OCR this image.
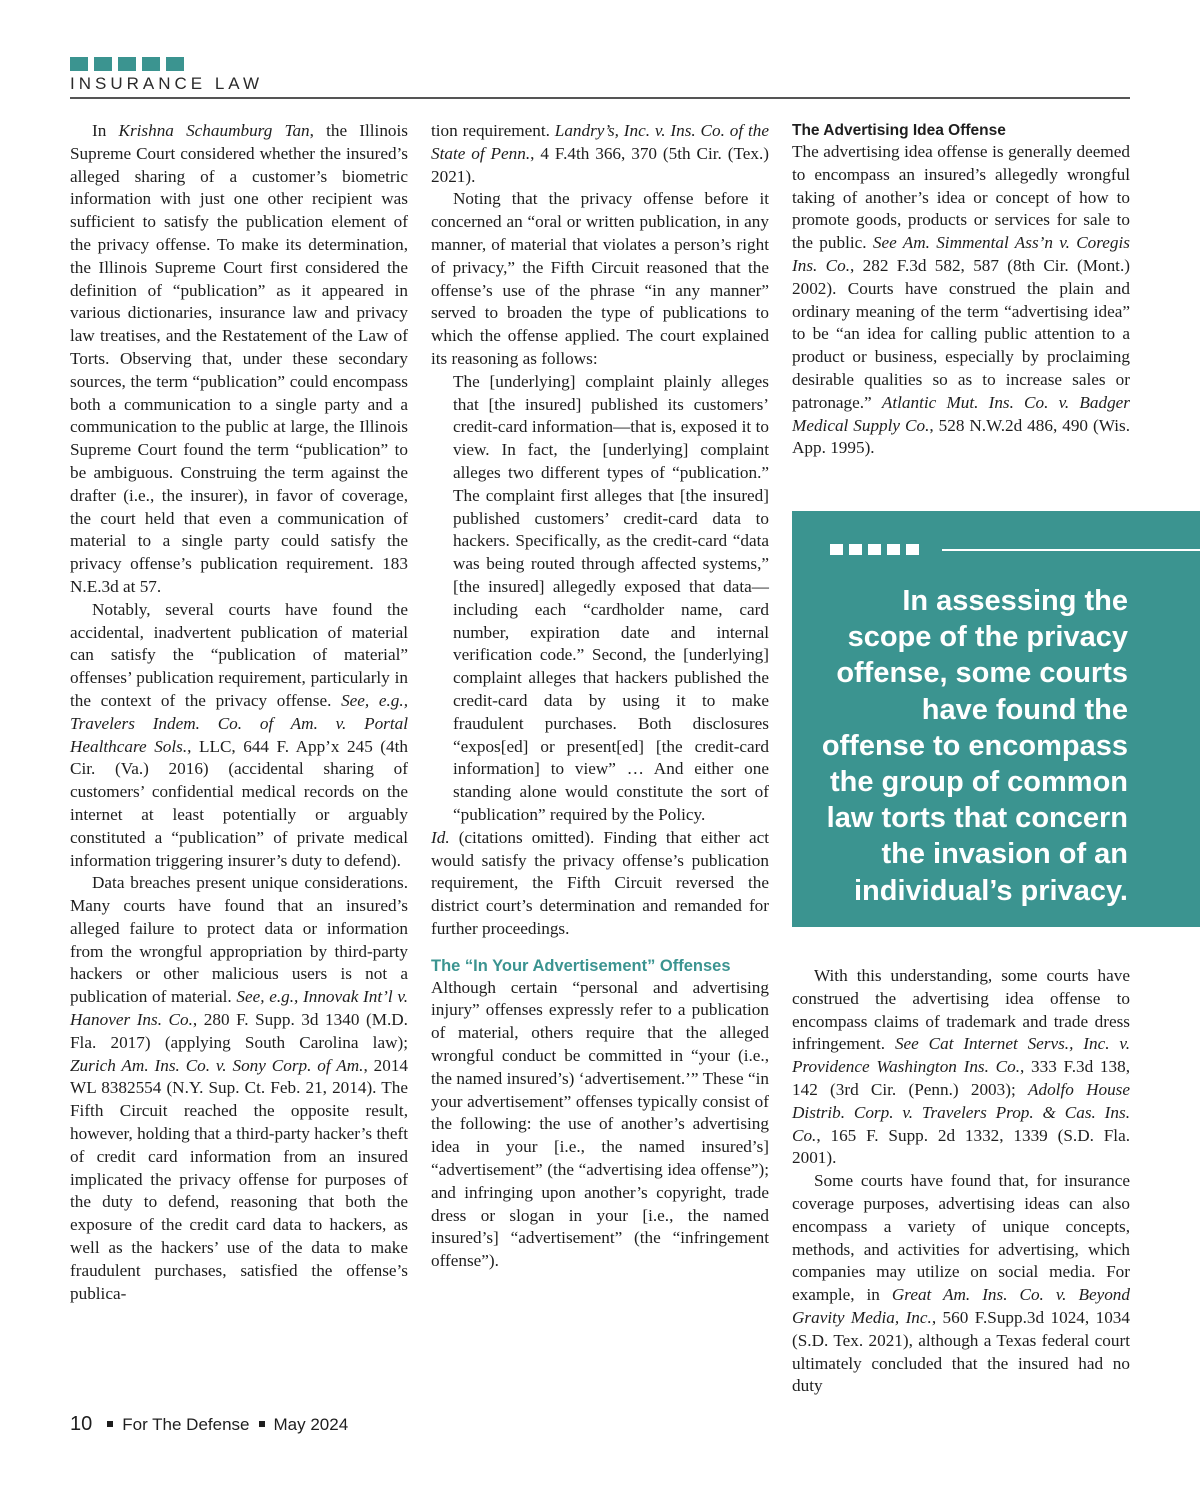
INSURANCE LAW

In Krishna Schaumburg Tan, the Illinois Supreme Court considered whether the insured’s alleged sharing of a customer’s biometric information with just one other recipient was sufficient to satisfy the publication element of the privacy offense. To make its determination, the Illinois Supreme Court first considered the definition of “publication” as it appeared in various dictionaries, insurance law and privacy law treatises, and the Restatement of the Law of Torts. Observing that, under these secondary sources, the term “publication” could encompass both a communication to a single party and a communication to the public at large, the Illinois Supreme Court found the term “publication” to be ambiguous. Construing the term against the drafter (i.e., the insurer), in favor of coverage, the court held that even a communication of material to a single party could satisfy the privacy offense’s publication requirement. 183 N.E.3d at 57.

Notably, several courts have found the accidental, inadvertent publication of material can satisfy the “publication of material” offenses’ publication requirement, particularly in the context of the privacy offense. See, e.g., Travelers Indem. Co. of Am. v. Portal Healthcare Sols., LLC, 644 F. App’x 245 (4th Cir. (Va.) 2016) (accidental sharing of customers’ confidential medical records on the internet at least potentially or arguably constituted a “publication” of private medical information triggering insurer’s duty to defend).

Data breaches present unique considerations. Many courts have found that an insured’s alleged failure to protect data or information from the wrongful appropriation by third-party hackers or other malicious users is not a publication of material. See, e.g., Innovak Int’l v. Hanover Ins. Co., 280 F. Supp. 3d 1340 (M.D. Fla. 2017) (applying South Carolina law); Zurich Am. Ins. Co. v. Sony Corp. of Am., 2014 WL 8382554 (N.Y. Sup. Ct. Feb. 21, 2014). The Fifth Circuit reached the opposite result, however, holding that a third-party hacker’s theft of credit card information from an insured implicated the privacy offense for purposes of the duty to defend, reasoning that both the exposure of the credit card data to hackers, as well as the hackers’ use of the data to make fraudulent purchases, satisfied the offense’s publica-

tion requirement. Landry’s, Inc. v. Ins. Co. of the State of Penn., 4 F.4th 366, 370 (5th Cir. (Tex.) 2021).

Noting that the privacy offense before it concerned an “oral or written publication, in any manner, of material that violates a person’s right of privacy,” the Fifth Circuit reasoned that the offense’s use of the phrase “in any manner” served to broaden the type of publications to which the offense applied. The court explained its reasoning as follows:

The [underlying] complaint plainly alleges that [the insured] published its customers’ credit-card information—that is, exposed it to view. In fact, the [underlying] complaint alleges two different types of “publication.” The complaint first alleges that [the insured] published customers’ credit-card data to hackers. Specifically, as the credit-card “data was being routed through affected systems,” [the insured] allegedly exposed that data—including each “cardholder name, card number, expiration date and internal verification code.” Second, the [underlying] complaint alleges that hackers published the credit-card data by using it to make fraudulent purchases. Both disclosures “expos[ed] or present[ed] [the credit-card information] to view” … And either one standing alone would constitute the sort of “publication” required by the Policy.

Id. (citations omitted). Finding that either act would satisfy the privacy offense’s publication requirement, the Fifth Circuit reversed the district court’s determination and remanded for further proceedings.

The “In Your Advertisement” Offenses

Although certain “personal and advertising injury” offenses expressly refer to a publication of material, others require that the alleged wrongful conduct be committed in “your (i.e., the named insured’s) ‘advertisement.’” These “in your advertisement” offenses typically consist of the following: the use of another’s advertising idea in your [i.e., the named insured’s] “advertisement” (the “advertising idea offense”); and infringing upon another’s copyright, trade dress or slogan in your [i.e., the named insured’s] “advertisement” (the “infringement offense”).

The Advertising Idea Offense

The advertising idea offense is generally deemed to encompass an insured’s allegedly wrongful taking of another’s idea or concept of how to promote goods, products or services for sale to the public. See Am. Simmental Ass’n v. Coregis Ins. Co., 282 F.3d 582, 587 (8th Cir. (Mont.) 2002). Courts have construed the plain and ordinary meaning of the term “advertising idea” to be “an idea for calling public attention to a product or business, especially by proclaiming desirable qualities so as to increase sales or patronage.” Atlantic Mut. Ins. Co. v. Badger Medical Supply Co., 528 N.W.2d 486, 490 (Wis. App. 1995).

In assessing the scope of the privacy offense, some courts have found the offense to encompass the group of common law torts that concern the invasion of an individual’s privacy.

With this understanding, some courts have construed the advertising idea offense to encompass claims of trademark and trade dress infringement. See Cat Internet Servs., Inc. v. Providence Washington Ins. Co., 333 F.3d 138, 142 (3rd Cir. (Penn.) 2003); Adolfo House Distrib. Corp. v. Travelers Prop. & Cas. Ins. Co., 165 F. Supp. 2d 1332, 1339 (S.D. Fla. 2001).

Some courts have found that, for insurance coverage purposes, advertising ideas can also encompass a variety of unique concepts, methods, and activities for advertising, which companies may utilize on social media. For example, in Great Am. Ins. Co. v. Beyond Gravity Media, Inc., 560 F.Supp.3d 1024, 1034 (S.D. Tex. 2021), although a Texas federal court ultimately concluded that the insured had no duty

10 For The Defense May 2024
